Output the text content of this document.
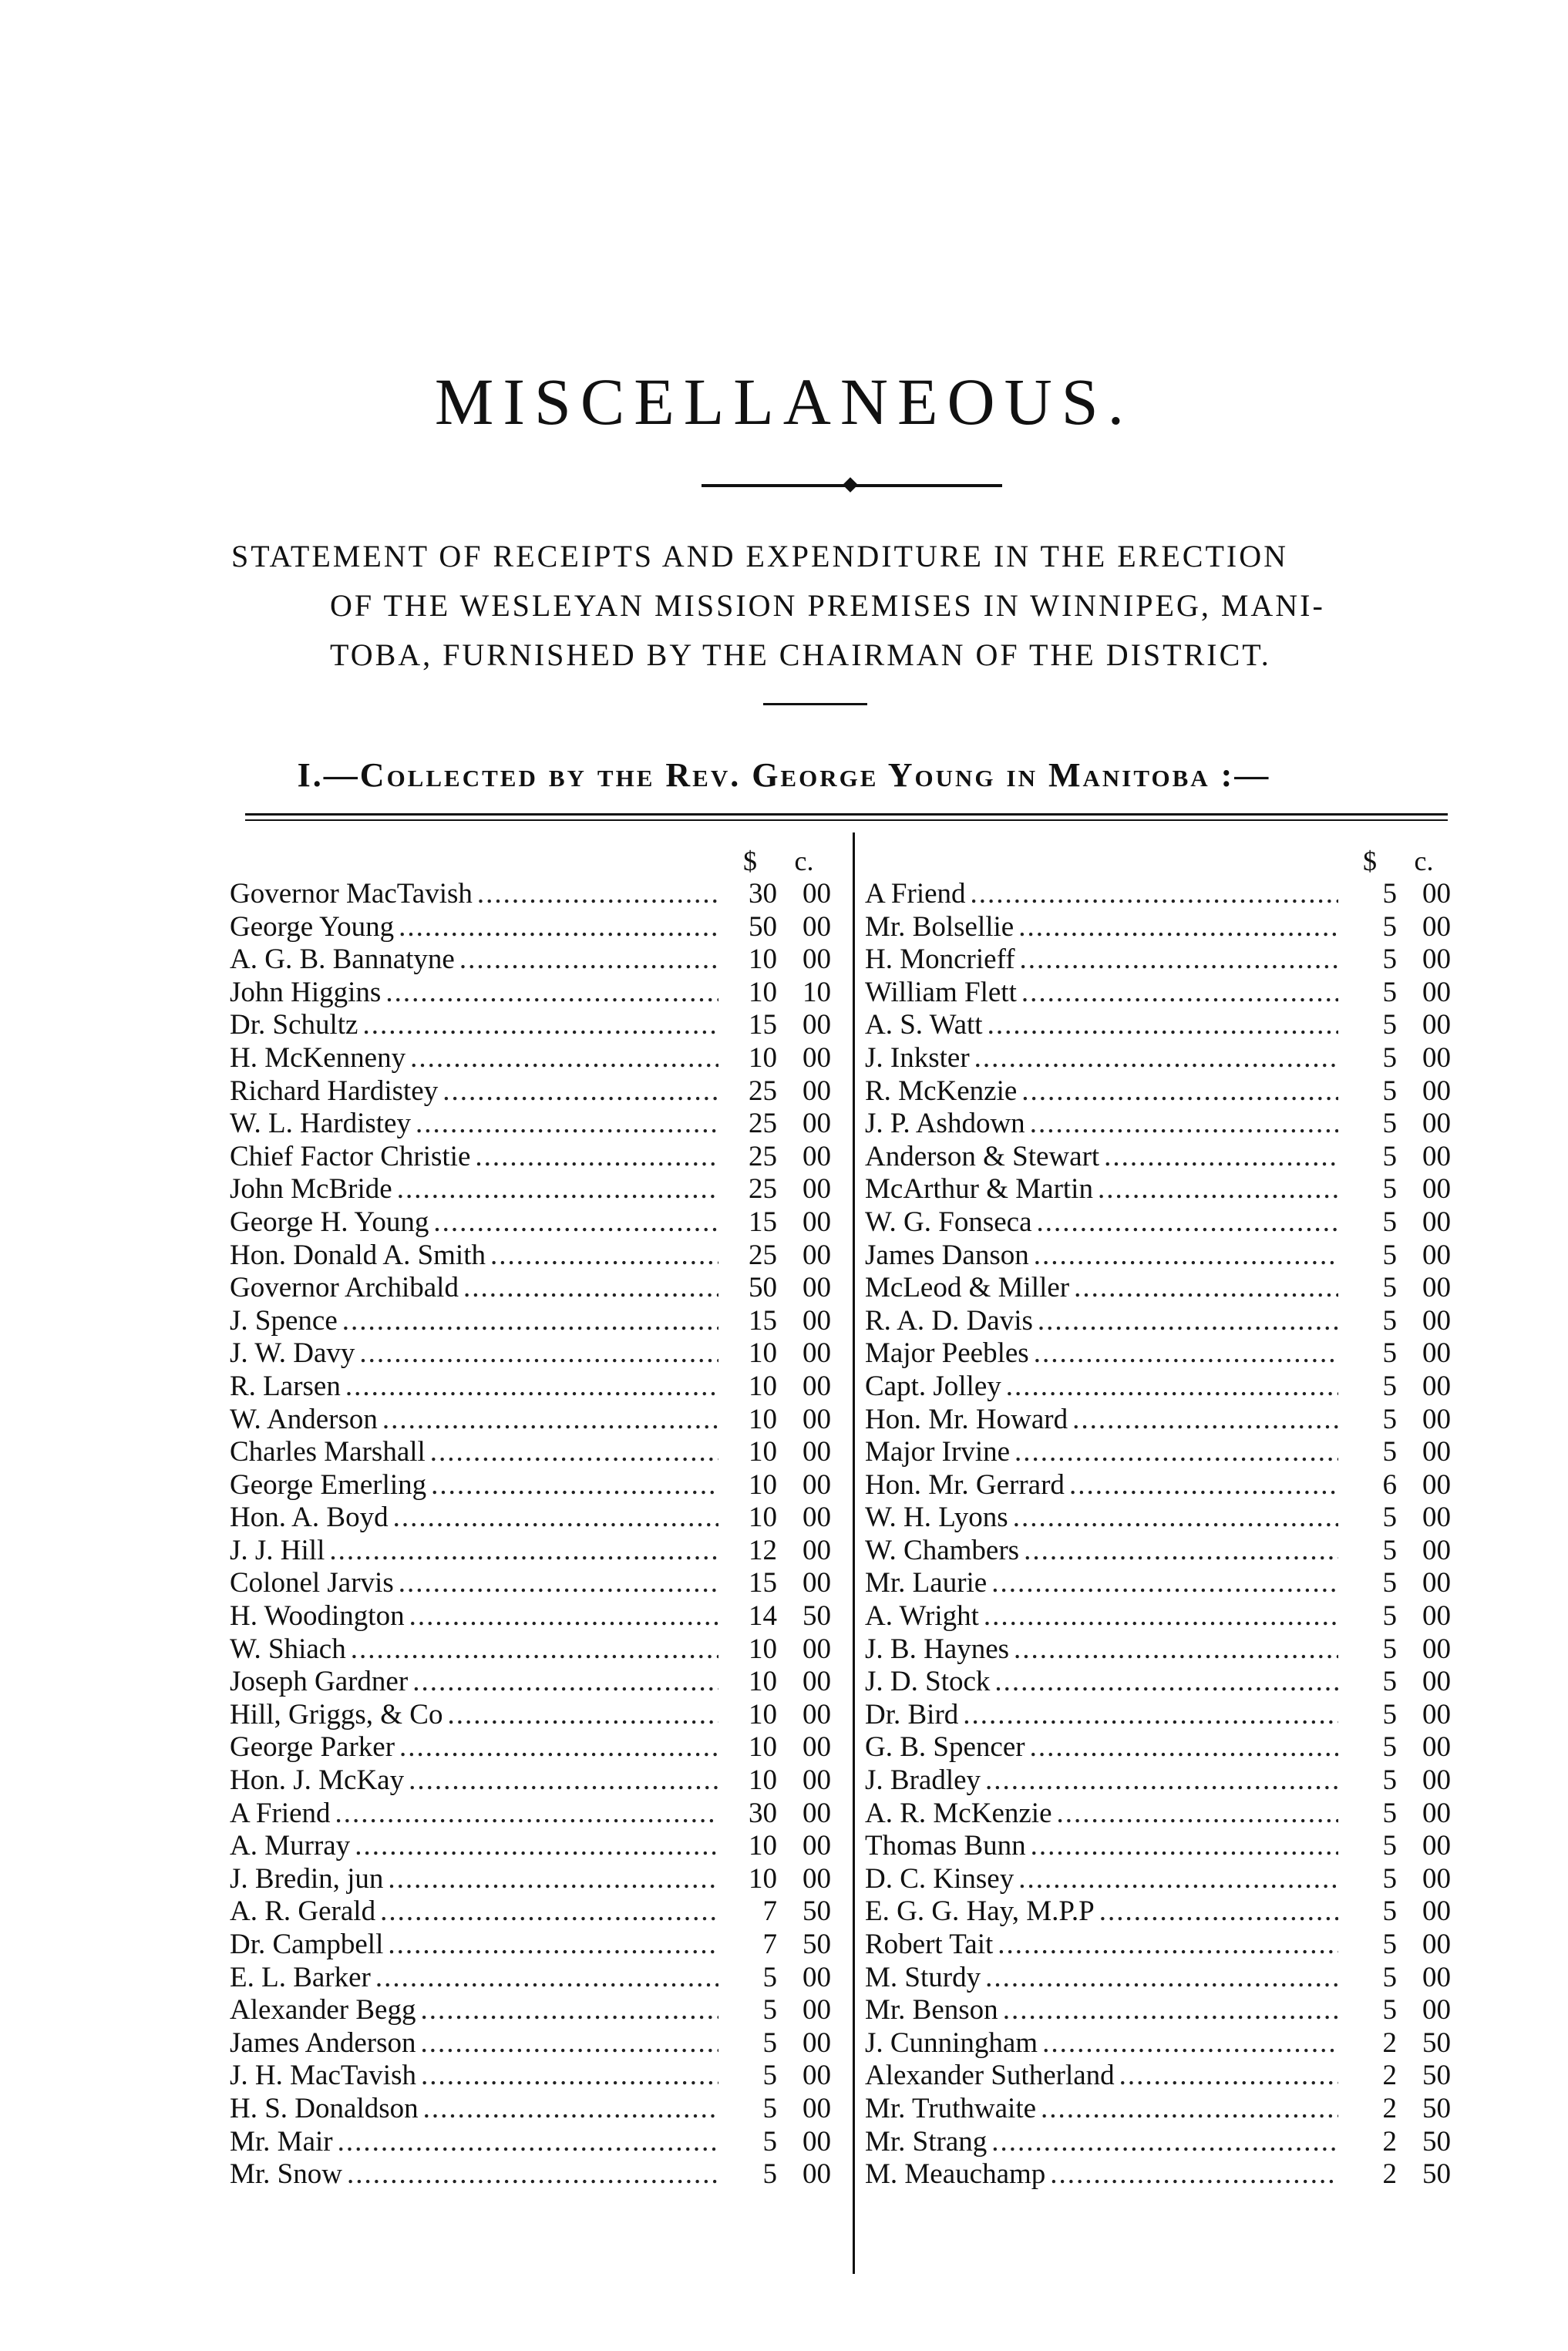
MISCELLANEOUS.

STATEMENT OF RECEIPTS AND EXPENDITURE IN THE ERECTION
OF THE WESLEYAN MISSION PREMISES IN WINNIPEG, MANI-
TOBA, FURNISHED BY THE CHAIRMAN OF THE DISTRICT.

I.—Collected by the Rev. George Young in Manitoba :—
$	c.
Governor MacTavish .....	30 00
George Young .....	50 00
A. G. B. Bannatyne .....	10 00
John Higgins .....	10 10
Dr. Schultz .....	15 00
H. McKenneny .....	10 00
Richard Hardistey .....	25 00
W. L. Hardistey .....	25 00
Chief Factor Christie .....	25 00
John McBride .....	25 00
George H. Young .....	15 00
Hon. Donald A. Smith .....	25 00
Governor Archibald .....	50 00
J. Spence .....	15 00
J. W. Davy .....	10 00
R. Larsen .....	10 00
W. Anderson .....	10 00
Charles Marshall .....	10 00
George Emerling .....	10 00
Hon. A. Boyd .....	10 00
J. J. Hill .....	12 00
Colonel Jarvis .....	15 00
H. Woodington .....	14 50
W. Shiach .....	10 00
Joseph Gardner .....	10 00
Hill, Griggs, & Co .....	10 00
George Parker .....	10 00
Hon. J. McKay .....	10 00
A Friend .....	30 00
A. Murray .....	10 00
J. Bredin, jun .....	10 00
A. R. Gerald .....	7 50
Dr. Campbell .....	7 50
E. L. Barker .....	5 00
Alexander Begg .....	5 00
James Anderson .....	5 00
J. H. MacTavish .....	5 00
H. S. Donaldson .....	5 00
Mr. Mair .....	5 00
Mr. Snow .....	5 00
$	c.
A Friend .....	5 00
Mr. Bolsellie .....	5 00
H. Moncrieff .....	5 00
William Flett .....	5 00
A. S. Watt .....	5 00
J. Inkster .....	5 00
R. McKenzie .....	5 00
J. P. Ashdown .....	5 00
Anderson & Stewart .....	5 00
McArthur & Martin .....	5 00
W. G. Fonseca .....	5 00
James Danson .....	5 00
McLeod & Miller .....	5 00
R. A. D. Davis .....	5 00
Major Peebles .....	5 00
Capt. Jolley .....	5 00
Hon. Mr. Howard .....	5 00
Major Irvine .....	5 00
Hon. Mr. Gerrard .....	6 00
W. H. Lyons .....	5 00
W. Chambers .....	5 00
Mr. Laurie .....	5 00
A. Wright .....	5 00
J. B. Haynes .....	5 00
J. D. Stock .....	5 00
Dr. Bird .....	5 00
G. B. Spencer .....	5 00
J. Bradley .....	5 00
A. R. McKenzie .....	5 00
Thomas Bunn .....	5 00
D. C. Kinsey .....	5 00
E. G. G. Hay, M.P.P .....	5 00
Robert Tait .....	5 00
M. Sturdy .....	5 00
Mr. Benson .....	5 00
J. Cunningham .....	2 50
Alexander Sutherland .....	2 50
Mr. Truthwaite .....	2 50
Mr. Strang .....	2 50
M. Meauchamp .....	2 50
